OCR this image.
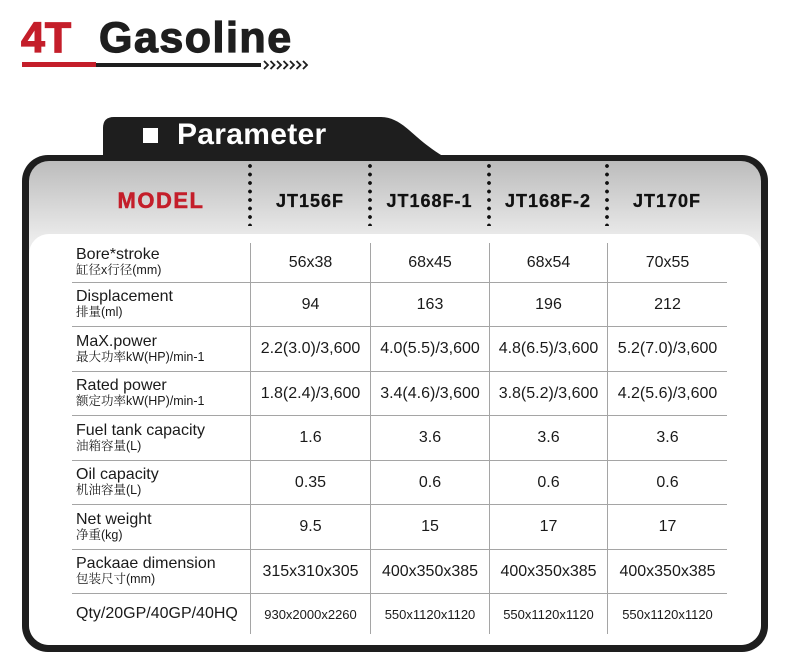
4T Gasoline
Parameter
MODEL	JT156F	JT168F-1	JT168F-2	JT170F
Bore*stroke
缸径x行径(mm)	56x38	68x45	68x54	70x55
Displacement
排量(ml)	94	163	196	212
MaX.power
最大功率kW(HP)/min-1	2.2(3.0)/3,600	4.0(5.5)/3,600	4.8(6.5)/3,600	5.2(7.0)/3,600
Rated power
额定功率kW(HP)/min-1	1.8(2.4)/3,600	3.4(4.6)/3,600	3.8(5.2)/3,600	4.2(5.6)/3,600
Fuel tank capacity
油箱容量(L)	1.6	3.6	3.6	3.6
Oil capacity
机油容量(L)	0.35	0.6	0.6	0.6
Net weight
净重(kg)	9.5	15	17	17
Packaae dimension
包装尺寸(mm)	315x310x305	400x350x385	400x350x385	400x350x385
Qty/20GP/40GP/40HQ	930x2000x2260	550x1120x1120	550x1120x1120	550x1120x1120
